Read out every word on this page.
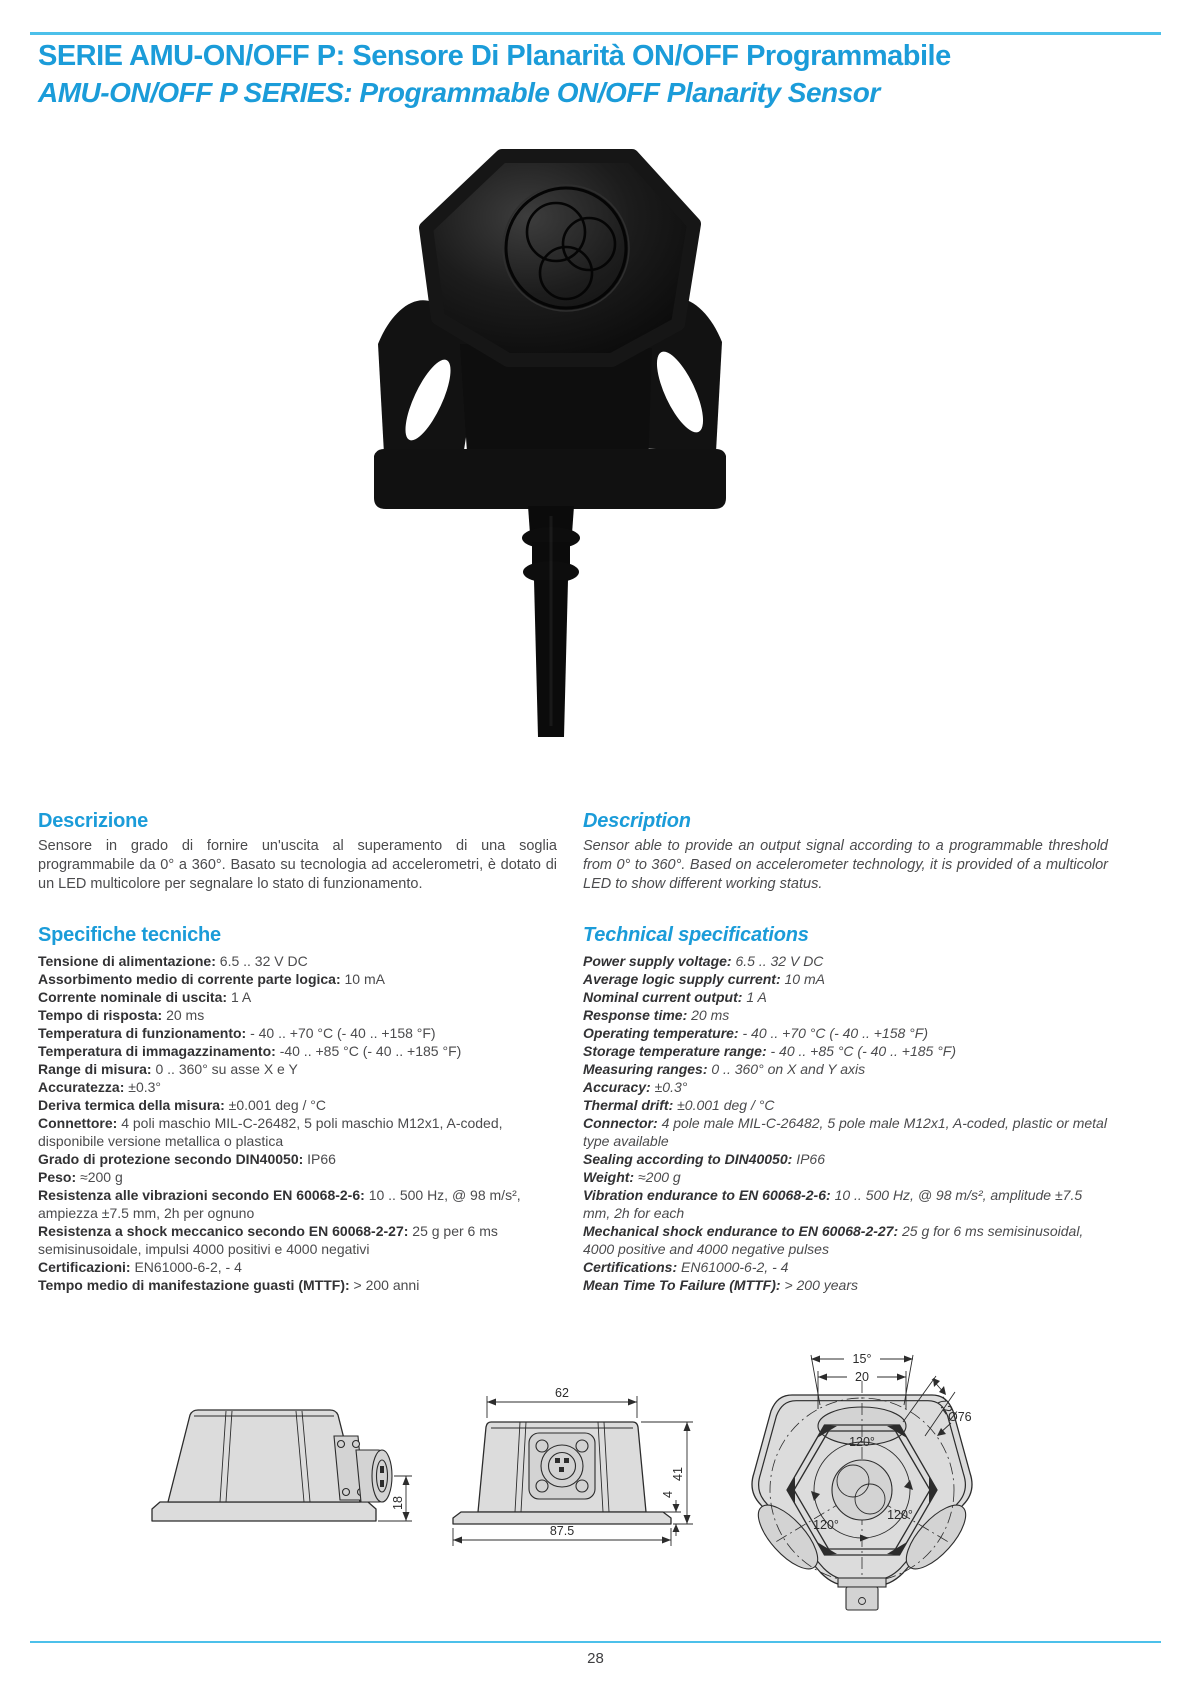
SERIE AMU-ON/OFF P: Sensore Di Planarità ON/OFF Programmabile
AMU-ON/OFF P SERIES: Programmable ON/OFF Planarity Sensor
Descrizione

Sensore in grado di fornire un'uscita al superamento di una soglia programmabile da 0° a 360°. Basato su tecnologia ad accelerometri, è dotato di un LED multicolore per segnalare lo stato di funzionamento.

Specifiche tecniche
Tensione di alimentazione: 6.5 .. 32 V DC
Assorbimento medio di corrente parte logica: 10 mA
Corrente nominale di uscita: 1 A
Tempo di risposta: 20 ms
Temperatura di funzionamento: - 40 .. +70 °C (- 40 .. +158 °F)
Temperatura di immagazzinamento: -40 .. +85 °C (- 40 .. +185 °F)
Range di misura: 0 .. 360° su asse X e Y
Accuratezza: ±0.3°
Deriva termica della misura: ±0.001 deg / °C
Connettore: 4 poli maschio MIL-C-26482, 5 poli maschio M12x1, A-coded, disponibile versione metallica o plastica
Grado di protezione secondo DIN40050: IP66
Peso: ≈200 g
Resistenza alle vibrazioni secondo EN 60068-2-6: 10 .. 500 Hz, @ 98 m/s², ampiezza ±7.5 mm, 2h per ognuno
Resistenza a shock meccanico secondo EN 60068-2-27: 25 g per 6 ms semisinusoidale, impulsi 4000 positivi e 4000 negativi
Certificazioni: EN61000-6-2, - 4
Tempo medio di manifestazione guasti (MTTF): > 200 anni
Description

Sensor able to provide an output signal according to a programmable threshold from 0° to 360°. Based on accelerometer technology, it is provided of a multicolor LED to show different working status.

Technical specifications
Power supply voltage: 6.5 .. 32 V DC
Average logic supply current: 10 mA
Nominal current output: 1 A
Response time: 20 ms
Operating temperature: - 40 .. +70 °C (- 40 .. +158 °F)
Storage temperature range: - 40 .. +85 °C (- 40 .. +185 °F)
Measuring ranges: 0 .. 360° on X and Y axis
Accuracy: ±0.3°
Thermal drift: ±0.001 deg / °C
Connector: 4 pole male MIL-C-26482, 5 pole male M12x1, A-coded, plastic or metal type available
Sealing according to DIN40050: IP66
Weight: ≈200 g
Vibration endurance to EN 60068-2-6: 10 .. 500 Hz, @ 98 m/s², amplitude ±7.5 mm, 2h for each
Mechanical shock endurance to EN 60068-2-27: 25 g for 6 ms semisinusoidal, 4000 positive and 4000 negative pulses
Certifications: EN61000-6-2, - 4
Mean Time To Failure (MTTF): > 200 years
18
62
87.5
41
4
120°
120°
120°
15°
20
7.2
Ø76
28
